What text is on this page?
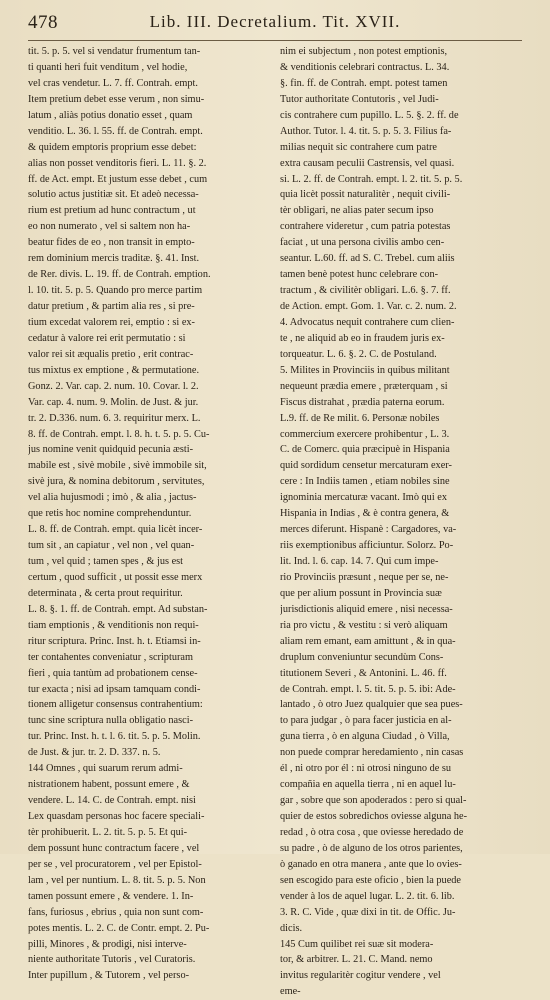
478	Lib. III. Decretalium. Tit. XVII.
tit. 5. p. 5. vel si vendatur frumentum tan-
ti quanti heri fuit venditum , vel hodie,
vel cras vendetur. L. 7. ff. Contrah. empt.
Item pretium debet esse verum , non simu-
latum , aliàs potius donatio esset , quam
venditio. L. 36. l. 55. ff. de Contrah. empt.
& quidem emptoris proprium esse debet:
alias non posset venditoris fieri. L. 11. §. 2.
ff. de Act. empt. Et justum esse debet , cum
solutio actus justitiæ sit. Et adeò necessa-
rium est pretium ad hunc contractum , ut
eo non numerato , vel si saltem non ha-
beatur fides de eo , non transit in empto-
rem dominium mercis traditæ. §. 41. Inst.
de Rer. divis. L. 19. ff. de Contrah. emption.
l. 10. tit. 5. p. 5. Quando pro merce partim
datur pretium , & partim alia res , si pre-
tium excedat valorem rei, emptio : si ex-
cedatur à valore rei erit permutatio : si
valor rei sit æqualis pretio , erit contrac-
tus mixtus ex emptione , & permutatione.
Gonz. 2. Var. cap. 2. num. 10. Covar. l. 2.
Var. cap. 4. num. 9. Molin. de Just. & jur.
tr. 2. D.336. num. 6. 3. requiritur merx. L.
8. ff. de Contrah. empt. l. 8. h. t. 5. p. 5. Cu-
jus nomine venit quidquid pecunia æsti-
mabile est , sivè mobile , sivè immobile sit,
sivè jura, & nomina debitorum , servitutes,
vel alia hujusmodi ; imò , & alia , jactus-
que retis hoc nomine comprehenduntur.
L. 8. ff. de Contrah. empt. quia licèt incer-
tum sit , an capiatur , vel non , vel quan-
tum , vel quid ; tamen spes , & jus est
certum , quod sufficit , ut possit esse merx
determinata , & certa prout requiritur.
L. 8. §. 1. ff. de Contrah. empt. Ad substan-
tiam emptionis , & venditionis non requi-
ritur scriptura. Princ. Inst. h. t. Etiamsi in-
ter contahentes conveniatur , scripturam
fieri , quia tantùm ad probationem cense-
tur exacta ; nisi ad ipsam tamquam condi-
tionem alligetur consensus contrahentium:
tunc sine scriptura nulla obligatio nasci-
tur. Princ. Inst. h. t. l. 6. tit. 5. p. 5. Molin.
de Just. & jur. tr. 2. D. 337. n. 5.
144 Omnes , qui suarum rerum admi-
nistrationem habent, possunt emere , &
vendere. L. 14. C. de Contrah. empt. nisi
Lex quasdam personas hoc facere speciali-
tèr prohibuerit. L. 2. tit. 5. p. 5. Et qui-
dem possunt hunc contractum facere , vel
per se , vel procuratorem , vel per Epistol-
lam , vel per nuntium. L. 8. tit. 5. p. 5. Non
tamen possunt emere , & vendere. 1. In-
fans, furiosus , ebrius , quia non sunt com-
potes mentis. L. 2. C. de Contr. empt. 2. Pu-
pilli, Minores , & prodigi, nisi interve-
niente authoritate Tutoris , vel Curatoris.
Inter pupillum , & Tutorem , vel perso-
nim ei subjectum , non potest emptionis,
& venditionis celebrari contractus. L. 34.
§. fin. ff. de Contrah. empt. potest tamen
Tutor authoritate Contutoris , vel Judi-
cis contrahere cum pupillo. L. 5. §. 2. ff. de
Author. Tutor. l. 4. tit. 5. p. 5. 3. Filius fa-
milias nequit sic contrahere cum patre
extra causam peculii Castrensis, vel quasi.
si. L. 2. ff. de Contrah. empt. l. 2. tit. 5. p. 5.
quia licèt possit naturalitèr , nequit civili-
tèr obligari, ne alias pater secum ipso
contrahere videretur , cum patria potestas
faciat , ut una persona civilis ambo cen-
seantur. L.60. ff. ad S. C. Trebel. cum aliis
tamen benè potest hunc celebrare con-
tractum , & civilitèr obligari. L.6. §. 7. ff.
de Action. empt. Gom. 1. Var. c. 2. num. 2.
4. Advocatus nequit contrahere cum clien-
te , ne aliquid ab eo in fraudem juris ex-
torqueatur. L. 6. §. 2. C. de Postuland.
5. Milites in Provinciis in quibus militant
nequeunt prædia emere , præterquam , si
Fiscus distrahat , prædia paterna eorum.
L.9. ff. de Re milit. 6. Personæ nobiles
commercium exercere prohibentur , L. 3.
C. de Comerc. quia præcipuè in Hispania
quid sordidum censetur mercaturam exer-
cere : In Indiis tamen , etiam nobiles sine
ignominia mercaturæ vacant. Imò qui ex
Hispania in Indias , & è contra genera, &
merces diferunt. Hispanè : Cargadores, va-
riis exemptionibus afficiuntur. Solorz. Po-
lit. Ind. l. 6. cap. 14. 7. Qui cum impe-
rio Provinciis præsunt , neque per se, ne-
que per alium possunt in Provincia suæ
jurisdictionis aliquid emere , nisi necessa-
ria pro victu , & vestitu : si verò aliquam
aliam rem emant, eam amittunt , & in qua-
druplum conveniuntur secundùm Cons-
titutionem Severi , & Antonini. L. 46. ff.
de Contrah. empt. l. 5. tit. 5. p. 5. ibi: Ade-
lantado , ò otro Juez qualquier que sea pues-
to para judgar , ò para facer justicia en al-
guna tierra , ò en alguna Ciudad , ò Villa,
non puede comprar heredamiento , nin casas
él , ni otro por él : ni otrosi ninguno de su
compañia en aquella tierra , ni en aquel lu-
gar , sobre que son apoderados : pero si qual-
quier de estos sobredichos oviesse alguna he-
redad , ò otra cosa , que oviesse heredado de
su padre , ò de alguno de los otros parientes,
ò ganado en otra manera , ante que lo ovies-
sen escogido para este oficio , bien la puede
vender à los de aquel lugar. L. 2. tit. 6. lib.
3. R. C. Vide , quæ dixi in tit. de Offic. Ju-
dicis.
145 Cum quilibet rei suæ sit modera-
tor, & arbitrer. L. 21. C. Mand. nemo
invitus regularitèr cogitur vendere , vel
eme-
